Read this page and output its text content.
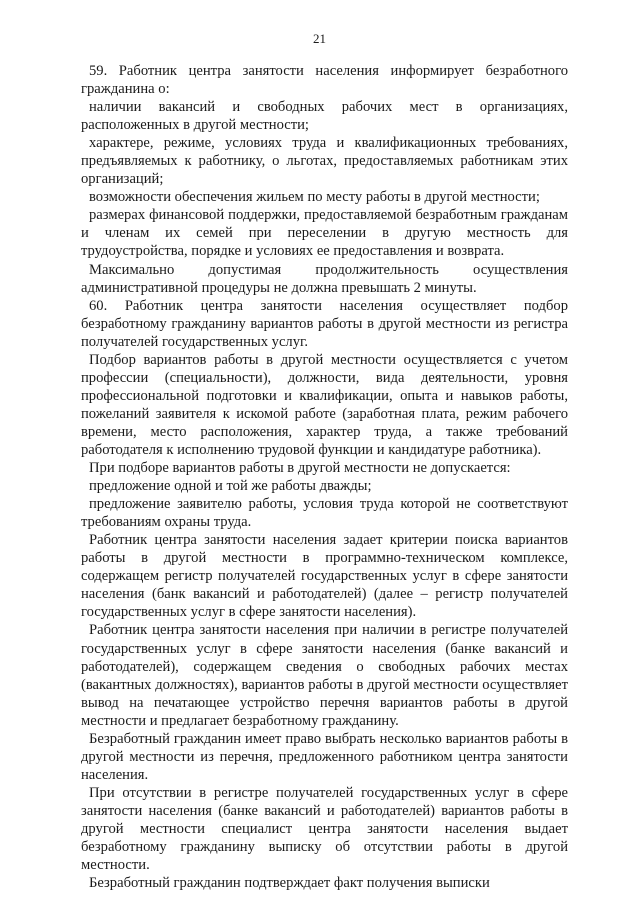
21

59. Работник центра занятости населения информирует безработного гражданина о:

наличии вакансий и свободных рабочих мест в организациях, расположенных в другой местности;

характере, режиме, условиях труда и квалификационных требованиях, предъявляемых к работнику, о льготах, предоставляемых работникам этих организаций;

возможности обеспечения жильем по месту работы в другой местности;

размерах финансовой поддержки, предоставляемой безработным гражданам и членам их семей при переселении в другую местность для трудоустройства, порядке и условиях ее предоставления и возврата.

Максимально допустимая продолжительность осуществления административной процедуры не должна превышать 2 минуты.

60. Работник центра занятости населения осуществляет подбор безработному гражданину вариантов работы в другой местности из регистра получателей государственных услуг.

Подбор вариантов работы в другой местности осуществляется с учетом профессии (специальности), должности, вида деятельности, уровня профессиональной подготовки и квалификации, опыта и навыков работы, пожеланий заявителя к искомой работе (заработная плата, режим рабочего времени, место расположения, характер труда, а также требований работодателя к исполнению трудовой функции и кандидатуре работника).

При подборе вариантов работы в другой местности не допускается:

предложение одной и той же работы дважды;

предложение заявителю работы, условия труда которой не соответствуют требованиям охраны труда.

Работник центра занятости населения задает критерии поиска вариантов работы в другой местности в программно-техническом комплексе, содержащем регистр получателей государственных услуг в сфере занятости населения (банк вакансий и работодателей) (далее – регистр получателей государственных услуг в сфере занятости населения).

Работник центра занятости населения при наличии в регистре получателей государственных услуг в сфере занятости населения (банке вакансий и работодателей), содержащем сведения о свободных рабочих местах (вакантных должностях), вариантов работы в другой местности осуществляет вывод на печатающее устройство перечня вариантов работы в другой местности и предлагает безработному гражданину.

Безработный гражданин имеет право выбрать несколько вариантов работы в другой местности из перечня, предложенного работником центра занятости населения.

При отсутствии в регистре получателей государственных услуг в сфере занятости населения (банке вакансий и работодателей) вариантов работы в другой местности специалист центра занятости населения выдает безработному гражданину выписку об отсутствии работы в другой местности.

Безработный гражданин подтверждает факт получения выписки
